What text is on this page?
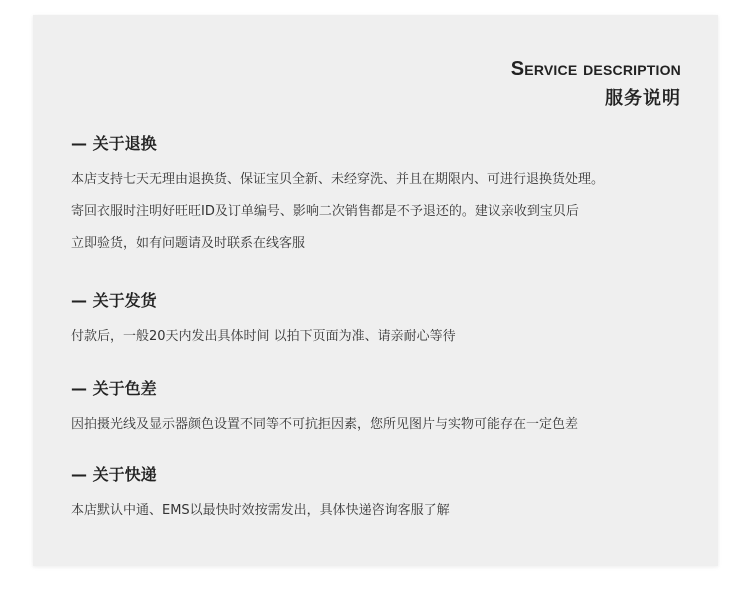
Service description
服务说明
— 关于退换
本店支持七天无理由退换货、保证宝贝全新、未经穿洗、并且在期限内、可进行退换货处理。
寄回衣服时注明好旺旺ID及订单编号、影响二次销售都是不予退还的。建议亲收到宝贝后
立即验货，如有问题请及时联系在线客服
— 关于发货
付款后，一般20天内发出具体时间 以拍下页面为准、请亲耐心等待
— 关于色差
因拍摄光线及显示器颜色设置不同等不可抗拒因素，您所见图片与实物可能存在一定色差
— 关于快递
本店默认中通、EMS以最快时效按需发出，具体快递咨询客服了解
